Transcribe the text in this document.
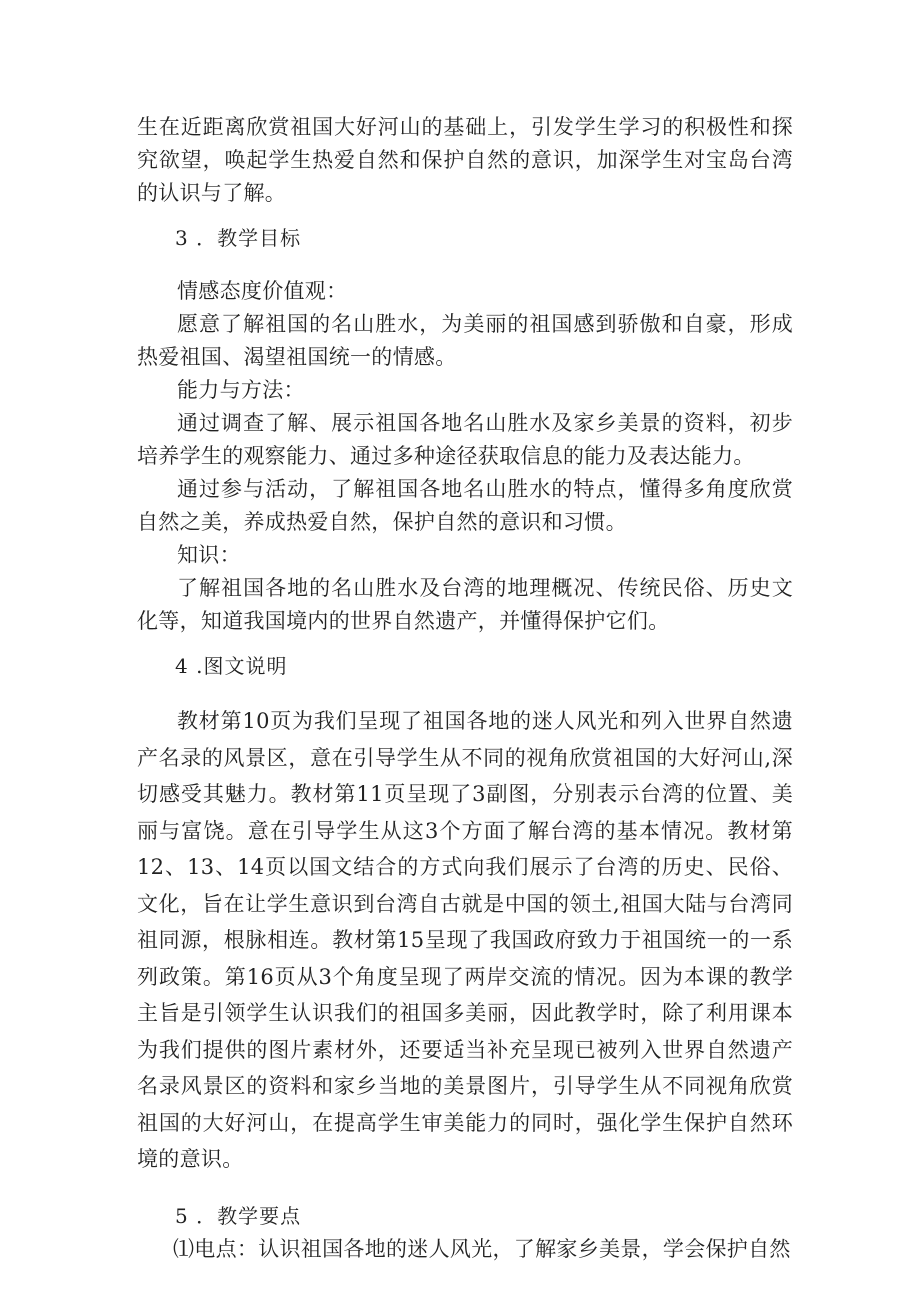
生在近距离欣赏祖国大好河山的基础上，引发学生学习的积极性和探究欲望，唤起学生热爱自然和保护自然的意识，加深学生对宝岛台湾的认识与了解。

3 ．教学目标

情感态度价值观：

愿意了解祖国的名山胜水，为美丽的祖国感到骄傲和自豪，形成热爱祖国、渴望祖国统一的情感。

能力与方法：

通过调查了解、展示祖国各地名山胜水及家乡美景的资料，初步培养学生的观察能力、通过多种途径获取信息的能力及表达能力。

通过参与活动，了解祖国各地名山胜水的特点，懂得多角度欣赏自然之美，养成热爱自然，保护自然的意识和习惯。

知识：

了解祖国各地的名山胜水及台湾的地理概况、传统民俗、历史文化等，知道我国境内的世界自然遗产，并懂得保护它们。

4 .图文说明

教材第10页为我们呈现了祖国各地的迷人风光和列入世界自然遗产名录的风景区，意在引导学生从不同的视角欣赏祖国的大好河山,深切感受其魅力。教材第11页呈现了3副图，分别表示台湾的位置、美丽与富饶。意在引导学生从这3个方面了解台湾的基本情况。教材第12、13、14页以国文结合的方式向我们展示了台湾的历史、民俗、文化，旨在让学生意识到台湾自古就是中国的领土,祖国大陆与台湾同祖同源，根脉相连。教材第15呈现了我国政府致力于祖国统一的一系列政策。第16页从3个角度呈现了两岸交流的情况。因为本课的教学主旨是引领学生认识我们的祖国多美丽，因此教学时，除了利用课本为我们提供的图片素材外，还要适当补充呈现已被列入世界自然遗产名录风景区的资料和家乡当地的美景图片，引导学生从不同视角欣赏祖国的大好河山，在提高学生审美能力的同时，强化学生保护自然环境的意识。

5 ．教学要点

⑴电点：认识祖国各地的迷人风光，了解家乡美景，学会保护自然
